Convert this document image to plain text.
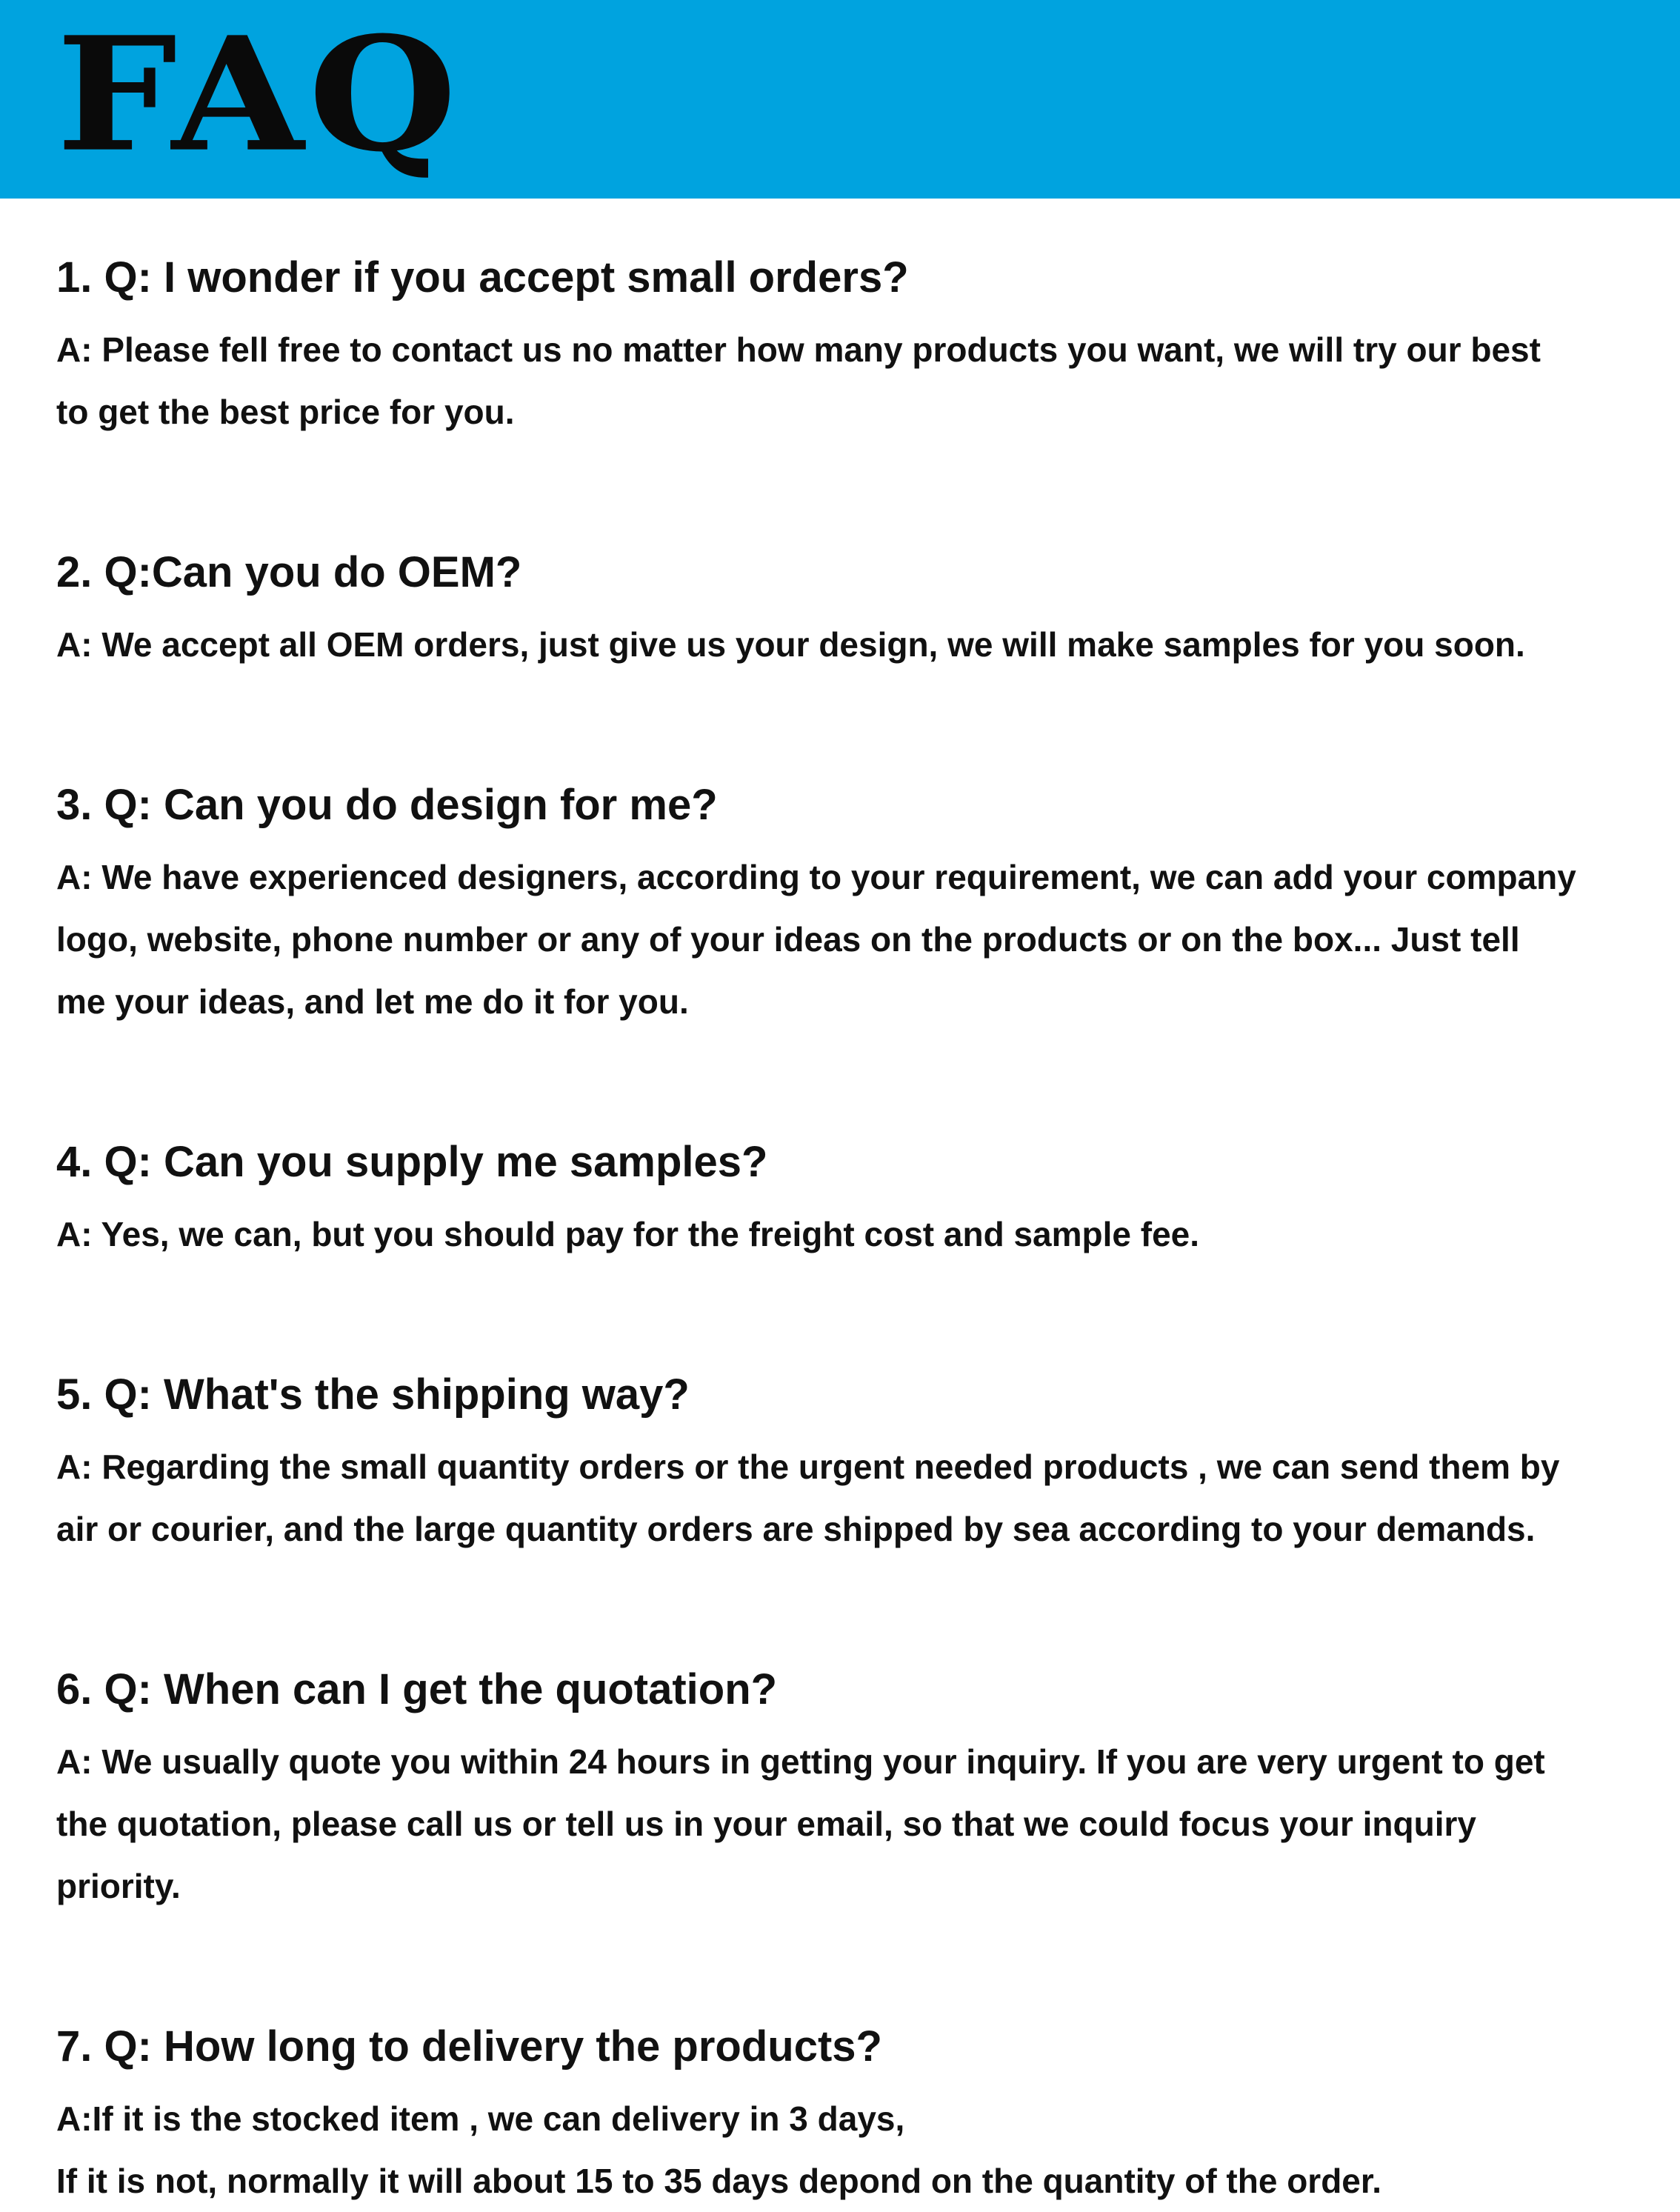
FAQ

1. Q: I wonder if you accept small orders?

A: Please fell free to contact us no matter how many products you want, we will try our best
to get the best price for you.

2. Q:Can you do OEM?

A: We accept all OEM orders, just give us your design, we will make samples for you soon.

3. Q: Can you do design for me?

A: We have experienced designers, according to your requirement, we can add your company
logo, website, phone number or any of your ideas on the products or on the box... Just tell
me your ideas, and let me do it for you.

4. Q: Can you supply me samples?

A: Yes, we can, but you should pay for the freight cost and sample fee.

5. Q: What's the shipping way?

A: Regarding the small quantity orders or the urgent needed products , we can send them by
air or courier, and the large quantity orders are shipped by sea according to your demands.

6. Q: When can I get the quotation?

A: We usually quote you within 24 hours in getting your inquiry. If you are very urgent to get
the quotation, please call us or tell us in your email, so that we could focus your inquiry
priority.

7. Q: How long to delivery the products?

A:If it is the stocked item , we can delivery in 3 days,
If it is not, normally it will about 15 to 35 days depond on the quantity of the order.
